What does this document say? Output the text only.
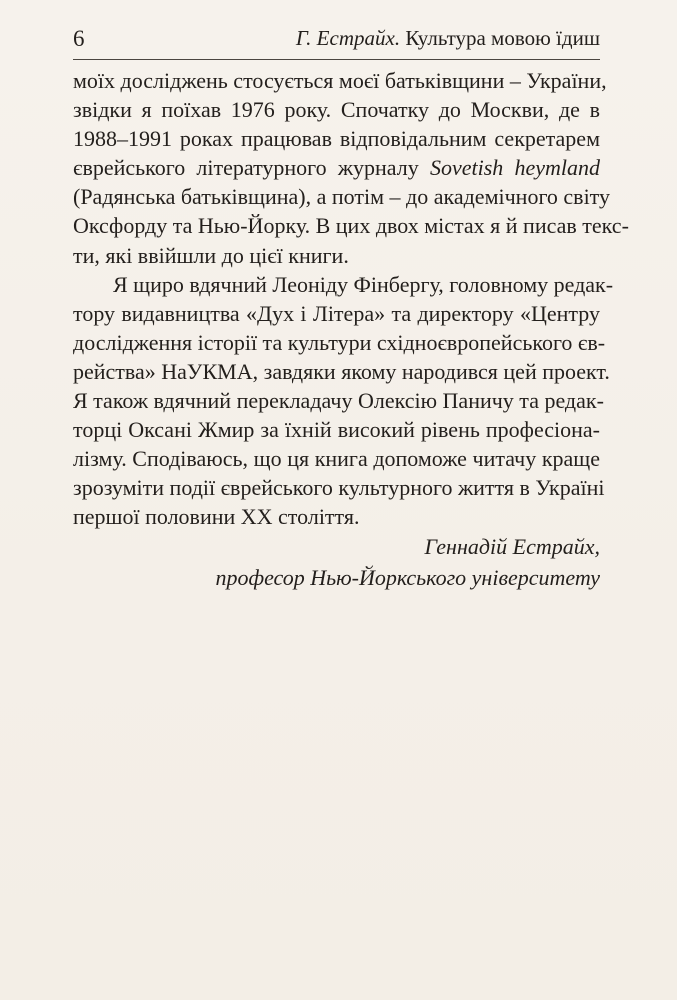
6	Г. Естрайх. Культура мовою їдиш

моїх досліджень стосується моєї батьківщини – України,
звідки я поїхав 1976 року. Спочатку до Москви, де в
1988–1991 роках працював відповідальним секретарем
єврейського літературного журналу Sovetish heymland
(Радянська батьківщина), а потім – до академічного світу
Оксфорду та Нью-Йорку. В цих двох містах я й писав текс-
ти, які ввійшли до цієї книги.

Я щиро вдячний Леоніду Фінбергу, головному редак-
тору видавництва «Дух і Літера» та директору «Центру
дослідження історії та культури східноєвропейського єв-
рейства» НаУКМА, завдяки якому народився цей проект.
Я також вдячний перекладачу Олексію Паничу та редак-
торці Оксані Жмир за їхній високий рівень професіона-
лізму. Сподіваюсь, що ця книга допоможе читачу краще
зрозуміти події єврейського культурного життя в Україні
першої половини ХХ століття.

Геннадій Естрайх,
професор Нью-Йоркського університету
